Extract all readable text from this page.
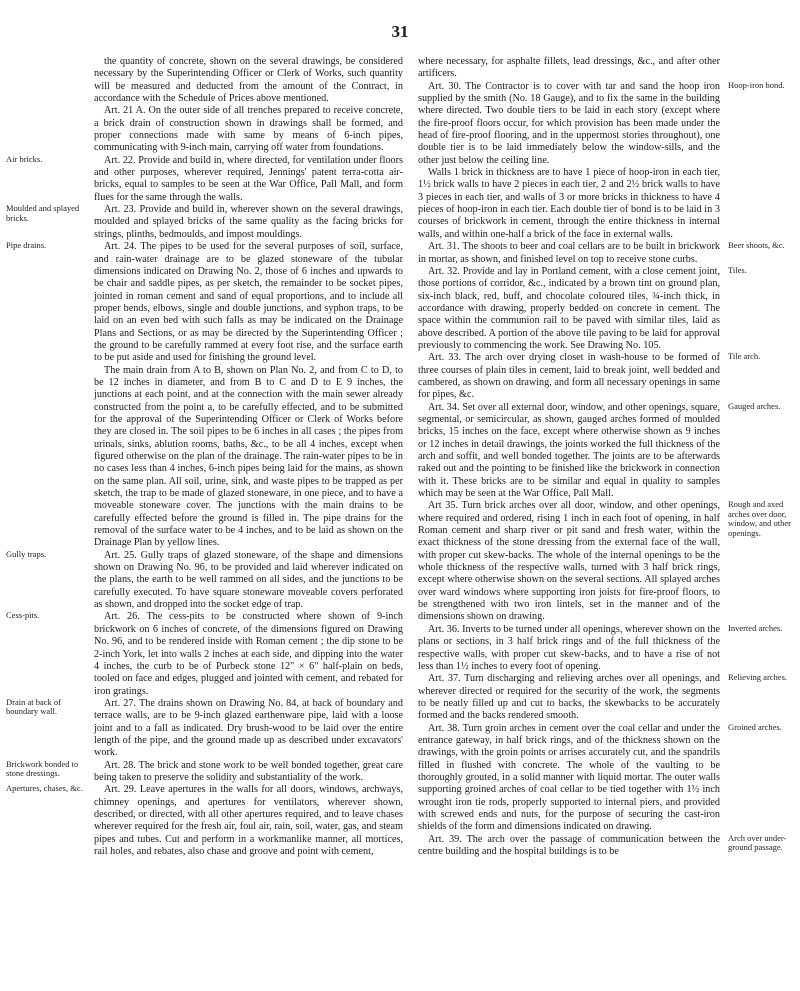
31

the quantity of concrete, shown on the several drawings, be considered necessary by the Superintending Officer or Clerk of Works, such quantity will be measured and deducted from the amount of the Contract, in accordance with the Schedule of Prices above mentioned.

Art. 21 A. On the outer side of all trenches prepared to receive concrete, a brick drain of construction shown in drawings shall be formed, and proper connections made with same by means of 6-inch pipes, communicating with 9-inch main, carrying off water from foundations.

Air bricks.	Art. 22. Provide and build in, where directed, for ventilation under floors and other purposes, wherever required, Jennings' patent terra-cotta air-bricks, equal to samples to be seen at the War Office, Pall Mall, and form flues for the same through the walls.

Moulded and splayed bricks.

Art. 23. Provide and build in, wherever shown on the several drawings, moulded and splayed bricks of the same quality as the facing bricks for strings, plinths, bedmoulds, and impost mouldings.

Pipe drains.	Art. 24. The pipes to be used for the several purposes of soil, surface, and rain-water drainage are to be glazed stoneware of the tubular dimensions indicated on Drawing No. 2, those of 6 inches and upwards to be chair and saddle pipes, as per sketch, the remainder to be socket pipes, jointed in roman cement and sand of equal proportions, and to include all proper bends, elbows, single and double junctions, and syphon traps, to be laid on an even bed with such falls as may be indicated on the Drainage Plans and Sections, or as may be directed by the Superintending Officer ; the ground to be carefully rammed at every foot rise, and the surface earth to be put aside and used for finishing the ground level.

The main drain from A to B, shown on Plan No. 2, and from C to D, to be 12 inches in diameter, and from B to C and D to E 9 inches, the junctions at each point, and at the connection with the main sewer already constructed from the point a, to be carefully effected, and to be submitted for the approval of the Superintending Officer or Clerk of Works before they are closed in. The soil pipes to be 6 inches in all cases ; the pipes from urinals, sinks, ablution rooms, baths, &c., to be all 4 inches, except when figured otherwise on the plan of the drainage. The rain-water pipes to be in no cases less than 4 inches, 6-inch pipes being laid for the mains, as shown on the same plan. All soil, urine, sink, and waste pipes to be trapped as per sketch, the trap to be made of glazed stoneware, in one piece, and to have a moveable stoneware cover. The junctions with the main drains to be carefully effected before the ground is filled in. The pipe drains for the removal of the surface water to be 4 inches, and to be laid as shown on the Drainage Plan by yellow lines.

Gully traps.	Art. 25. Gully traps of glazed stoneware, of the shape and dimensions shown on Drawing No. 96, to be provided and laid wherever indicated on the plans, the earth to be well rammed on all sides, and the junctions to be carefully executed. To have square stoneware moveable covers perforated as shown, and dropped into the socket edge of trap.

Cess-pits.	Art. 26. The cess-pits to be constructed where shown of 9-inch brickwork on 6 inches of concrete, of the dimensions figured on Drawing No. 96, and to be rendered inside with Roman cement ; the dip stone to be 2-inch York, let into walls 2 inches at each side, and dipping into the water 4 inches, the curb to be of Purbeck stone 12" × 6" half-plain on beds, tooled on face and edges, plugged and jointed with cement, and rebated for iron gratings.

Drain at back of boundary wall.

Art. 27. The drains shown on Drawing No. 84, at back of boundary and terrace walls, are to be 9-inch glazed earthenware pipe, laid with a loose joint and to a fall as indicated. Dry brush-wood to be laid over the entire length of the pipe, and the ground made up as described under excavators' work.

Brickwork bonded to stone dressings.

Art. 28. The brick and stone work to be well bonded together, great care being taken to preserve the solidity and substantiality of the work.

Apertures, chases, &c.	Art. 29. Leave apertures in the walls for all doors, windows, archways, chimney openings, and apertures for ventilators, wherever shown, described, or directed, with all other apertures required, and to leave chases wherever required for the fresh air, foul air, rain, soil, water, gas, and steam pipes and tubes. Cut and perform in a workmanlike manner, all mortices, rail holes, and rebates, also chase and groove and point with cement,

where necessary, for asphalte fillets, lead dressings, &c., and after other artificers.

Hoop-iron bond.

Art. 30. The Contractor is to cover with tar and sand the hoop iron supplied by the smith (No. 18 Gauge), and to fix the same in the building where directed. Two double tiers to be laid in each story (except where the fire-proof floors occur, for which provision has been made under the head of fire-proof flooring, and in the uppermost stories throughout), one double tier is to be laid immediately below the window-sills, and the other just below the ceiling line.

Walls 1 brick in thickness are to have 1 piece of hoop-iron in each tier, 1½ brick walls to have 2 pieces in each tier, 2 and 2½ brick walls to have 3 pieces in each tier, and walls of 3 or more bricks in thickness to have 4 pieces of hoop-iron in each tier. Each double tier of bond is to be laid in 3 courses of brickwork in cement, through the entire thickness in internal walls, and within one-half a brick of the face in external walls.

Beer shoots, &c.

Art. 31. The shoots to beer and coal cellars are to be built in brickwork in mortar, as shown, and finished level on top to receive stone curbs.

Tiles.

Art. 32. Provide and lay in Portland cement, with a close cement joint, those portions of corridor, &c., indicated by a brown tint on ground plan, six-inch black, red, buff, and chocolate coloured tiles, ¾-inch thick, in accordance with drawing, properly bedded on concrete in cement. The space within the communion rail to be paved with similar tiles, laid as above described. A portion of the above tile paving to be laid for approval previously to commencing the work. See Drawing No. 105.

Tile arch.

Art. 33. The arch over drying closet in wash-house to be formed of three courses of plain tiles in cement, laid to break joint, well bedded and cambered, as shown on drawing, and form all necessary openings in same for pipes, &c.

Gauged arches.

Art. 34. Set over all external door, window, and other openings, square, segmental, or semicircular, as shown, gauged arches formed of moulded bricks, 15 inches on the face, except where otherwise shown as 9 inches or 12 inches in detail drawings, the joints worked the full thickness of the arch and soffit, and well bonded together. The joints are to be afterwards raked out and the pointing to be finished like the brickwork in connection with it. These bricks are to be similar and equal in quality to samples which may be seen at the War Office, Pall Mall.

Rough and axed arches over door, window, and other openings.

Art 35. Turn brick arches over all door, window, and other openings, where required and ordered, rising 1 inch in each foot of opening, in half Roman cement and sharp river or pit sand and fresh water, within the exact thickness of the stone dressing from the external face of the wall, with proper cut skew-backs. The whole of the internal openings to be the whole thickness of the respective walls, turned with 3 half brick rings, except where otherwise shown on the several sections. All splayed arches over ward windows where supporting iron joists for fire-proof floors, to be strengthened with two iron lintels, set in the manner and of the dimensions shown on drawing.

Inverted arches.

Art. 36. Inverts to be turned under all openings, wherever shown on the plans or sections, in 3 half brick rings and of the full thickness of the respective walls, with proper cut skew-backs, and to have a rise of not less than 1½ inches to every foot of opening.

Relieving arches.

Art. 37. Turn discharging and relieving arches over all openings, and wherever directed or required for the security of the work, the segments to be neatly filled up and cut to backs, the skewbacks to be accurately formed and the backs rendered smooth.

Groined arches.

Art. 38. Turn groin arches in cement over the coal cellar and under the entrance gateway, in half brick rings, and of the thickness shown on the drawings, with the groin points or arrises accurately cut, and the spandrils filled in flushed with concrete. The whole of the vaulting to be thoroughly grouted, in a solid manner with liquid mortar. The outer walls supporting groined arches of coal cellar to be tied together with 1½ inch wrought iron tie rods, properly supported to internal piers, and provided with screwed ends and nuts, for the purpose of securing the cast-iron shields of the form and dimensions indicated on drawing.

Arch over under-ground passage.

Art. 39. The arch over the passage of communication between the centre building and the hospital buildings is to be
